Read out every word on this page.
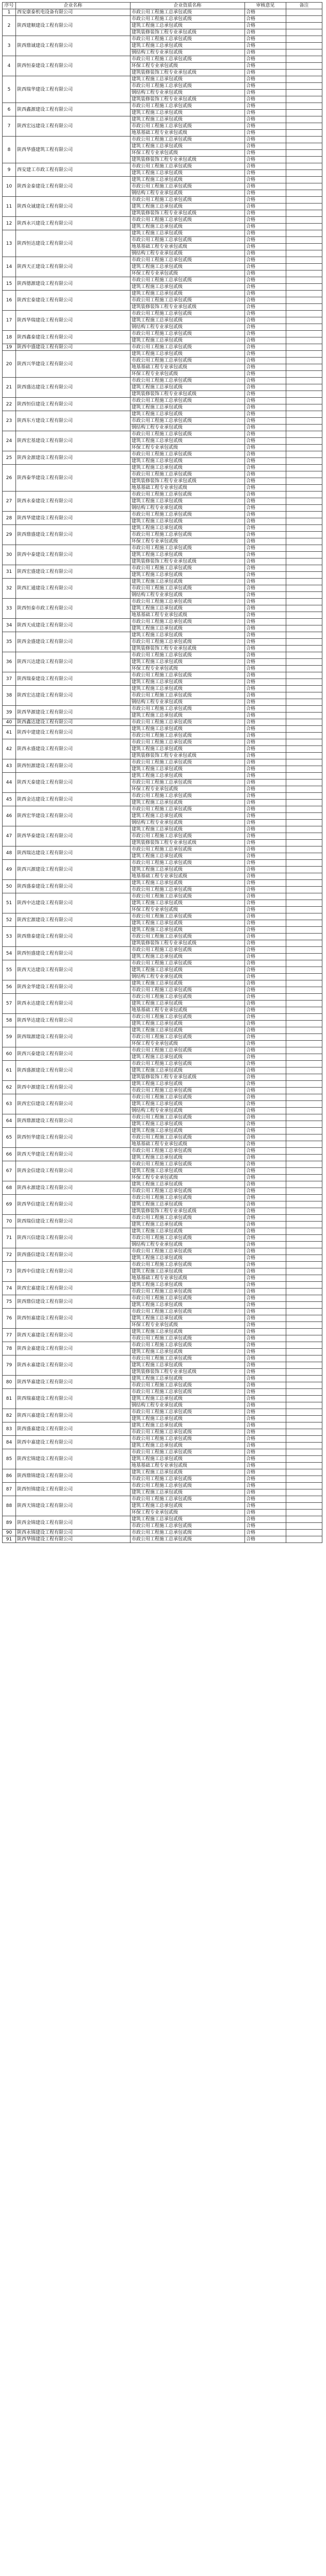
序号	企业名称	企业资质名称	审核意见	备注
1	西安康泰机电设备有限公司	市政公用工程施工总承包贰级	合格	
2	陕西建顺建设工程有限公司	市政公用工程施工总承包贰级	合格	
		建筑工程施工总承包贰级	合格	
		建筑装修装饰工程专业承包贰级	合格	
3	陕西鼎诚建设工程有限公司	市政公用工程施工总承包贰级	合格	
		建筑工程施工总承包贰级	合格	
		钢结构工程专业承包贰级	合格	
4	陕西恒泰建设工程有限公司	市政公用工程施工总承包贰级	合格	
		环保工程专业承包贰级	合格	
		建筑装修装饰工程专业承包贰级	合格	
5	陕西瑞华建设工程有限公司	建筑工程施工总承包贰级	合格	
		市政公用工程施工总承包贰级	合格	
		钢结构工程专业承包贰级	合格	
		建筑装修装饰工程专业承包贰级	合格	
6	陕西鑫源建设工程有限公司	市政公用工程施工总承包贰级	合格	
		建筑工程施工总承包贰级	合格	
7	陕西宏远建设工程有限公司	建筑工程施工总承包贰级	合格	
		市政公用工程施工总承包贰级	合格	
		地基基础工程专业承包贰级	合格	
8	陕西华盛建筑工程有限公司	市政公用工程施工总承包贰级	合格	
		建筑工程施工总承包贰级	合格	
		环保工程专业承包贰级	合格	
		建筑装修装饰工程专业承包贰级	合格	
9	西安建工市政工程有限公司	市政公用工程施工总承包贰级	合格	
		建筑工程施工总承包贰级	合格	
10	陕西金泰建设工程有限公司	建筑工程施工总承包贰级	合格	
		市政公用工程施工总承包贰级	合格	
		钢结构工程专业承包贰级	合格	
11	陕西众诚建设工程有限公司	市政公用工程施工总承包贰级	合格	
		建筑工程施工总承包贰级	合格	
		建筑装修装饰工程专业承包贰级	合格	
12	陕西永兴建设工程有限公司	市政公用工程施工总承包贰级	合格	
		建筑工程施工总承包贰级	合格	
13	陕西恒达建设工程有限公司	建筑工程施工总承包贰级	合格	
		市政公用工程施工总承包贰级	合格	
		地基基础工程专业承包贰级	合格	
		钢结构工程专业承包贰级	合格	
14	陕西天正建设工程有限公司	市政公用工程施工总承包贰级	合格	
		建筑工程施工总承包贰级	合格	
		环保工程专业承包贰级	合格	
15	陕西德源建设工程有限公司	市政公用工程施工总承包贰级	合格	
		建筑工程施工总承包贰级	合格	
16	陕西宏泰建设工程有限公司	建筑工程施工总承包贰级	合格	
		市政公用工程施工总承包贰级	合格	
		建筑装修装饰工程专业承包贰级	合格	
17	陕西华瑞建设工程有限公司	市政公用工程施工总承包贰级	合格	
		建筑工程施工总承包贰级	合格	
		钢结构工程专业承包贰级	合格	
18	陕西鑫泰建设工程有限公司	市政公用工程施工总承包贰级	合格	
		建筑工程施工总承包贰级	合格	
19	陕西中盛建设工程有限公司	市政公用工程施工总承包贰级	合格	
20	陕西兴华建设工程有限公司	建筑工程施工总承包贰级	合格	
		市政公用工程施工总承包贰级	合格	
		地基基础工程专业承包贰级	合格	
		环保工程专业承包贰级	合格	
21	陕西盛达建设工程有限公司	市政公用工程施工总承包贰级	合格	
		建筑工程施工总承包贰级	合格	
		建筑装修装饰工程专业承包贰级	合格	
22	陕西恒信建设工程有限公司	市政公用工程施工总承包贰级	合格	
		建筑工程施工总承包贰级	合格	
23	陕西东方建设工程有限公司	建筑工程施工总承包贰级	合格	
		市政公用工程施工总承包贰级	合格	
		钢结构工程专业承包贰级	合格	
24	陕西宏基建设工程有限公司	市政公用工程施工总承包贰级	合格	
		建筑工程施工总承包贰级	合格	
		环保工程专业承包贰级	合格	
25	陕西金源建设工程有限公司	市政公用工程施工总承包贰级	合格	
		建筑工程施工总承包贰级	合格	
26	陕西泰华建设工程有限公司	建筑工程施工总承包贰级	合格	
		市政公用工程施工总承包贰级	合格	
		建筑装修装饰工程专业承包贰级	合格	
		地基基础工程专业承包贰级	合格	
27	陕西永泰建设工程有限公司	市政公用工程施工总承包贰级	合格	
		建筑工程施工总承包贰级	合格	
		钢结构工程专业承包贰级	合格	
28	陕西华建建设工程有限公司	市政公用工程施工总承包贰级	合格	
		建筑工程施工总承包贰级	合格	
29	陕西鼎盛建设工程有限公司	建筑工程施工总承包贰级	合格	
		市政公用工程施工总承包贰级	合格	
		环保工程专业承包贰级	合格	
30	陕西中泰建设工程有限公司	市政公用工程施工总承包贰级	合格	
		建筑工程施工总承包贰级	合格	
		建筑装修装饰工程专业承包贰级	合格	
31	陕西宏盛建设工程有限公司	市政公用工程施工总承包贰级	合格	
		建筑工程施工总承包贰级	合格	
32	陕西汇通建设工程有限公司	建筑工程施工总承包贰级	合格	
		市政公用工程施工总承包贰级	合格	
		钢结构工程专业承包贰级	合格	
33	陕西恒泰市政工程有限公司	市政公用工程施工总承包贰级	合格	
		建筑工程施工总承包贰级	合格	
		地基基础工程专业承包贰级	合格	
34	陕西天成建设工程有限公司	市政公用工程施工总承包贰级	合格	
		建筑工程施工总承包贰级	合格	
35	陕西金盛建设工程有限公司	建筑工程施工总承包贰级	合格	
		市政公用工程施工总承包贰级	合格	
		建筑装修装饰工程专业承包贰级	合格	
36	陕西兴达建设工程有限公司	市政公用工程施工总承包贰级	合格	
		建筑工程施工总承包贰级	合格	
		环保工程专业承包贰级	合格	
37	陕西瑞泰建设工程有限公司	市政公用工程施工总承包贰级	合格	
		建筑工程施工总承包贰级	合格	
38	陕西宏达建设工程有限公司	建筑工程施工总承包贰级	合格	
		市政公用工程施工总承包贰级	合格	
		钢结构工程专业承包贰级	合格	
39	陕西华源建设工程有限公司	市政公用工程施工总承包贰级	合格	
		建筑工程施工总承包贰级	合格	
40	陕西鑫达建设工程有限公司	市政公用工程施工总承包贰级	合格	
41	陕西中建建设工程有限公司	建筑工程施工总承包贰级	合格	
		市政公用工程施工总承包贰级	合格	
42	陕西永盛建设工程有限公司	市政公用工程施工总承包贰级	合格	
		建筑工程施工总承包贰级	合格	
		建筑装修装饰工程专业承包贰级	合格	
43	陕西恒源建设工程有限公司	市政公用工程施工总承包贰级	合格	
		建筑工程施工总承包贰级	合格	
44	陕西天泰建设工程有限公司	建筑工程施工总承包贰级	合格	
		市政公用工程施工总承包贰级	合格	
		环保工程专业承包贰级	合格	
45	陕西金达建设工程有限公司	市政公用工程施工总承包贰级	合格	
		建筑工程施工总承包贰级	合格	
46	陕西宏华建设工程有限公司	市政公用工程施工总承包贰级	合格	
		建筑工程施工总承包贰级	合格	
		钢结构工程专业承包贰级	合格	
47	陕西华泰建设工程有限公司	建筑工程施工总承包贰级	合格	
		市政公用工程施工总承包贰级	合格	
		建筑装修装饰工程专业承包贰级	合格	
48	陕西瑞达建设工程有限公司	市政公用工程施工总承包贰级	合格	
		建筑工程施工总承包贰级	合格	
49	陕西兴源建设工程有限公司	市政公用工程施工总承包贰级	合格	
		建筑工程施工总承包贰级	合格	
		地基基础工程专业承包贰级	合格	
50	陕西盛泰建设工程有限公司	建筑工程施工总承包贰级	合格	
		市政公用工程施工总承包贰级	合格	
51	陕西中达建设工程有限公司	市政公用工程施工总承包贰级	合格	
		建筑工程施工总承包贰级	合格	
		环保工程专业承包贰级	合格	
52	陕西宏源建设工程有限公司	市政公用工程施工总承包贰级	合格	
		建筑工程施工总承包贰级	合格	
53	陕西鼎泰建设工程有限公司	建筑工程施工总承包贰级	合格	
		市政公用工程施工总承包贰级	合格	
		建筑装修装饰工程专业承包贰级	合格	
54	陕西恒盛建设工程有限公司	市政公用工程施工总承包贰级	合格	
		建筑工程施工总承包贰级	合格	
55	陕西天达建设工程有限公司	市政公用工程施工总承包贰级	合格	
		建筑工程施工总承包贰级	合格	
		钢结构工程专业承包贰级	合格	
56	陕西金华建设工程有限公司	建筑工程施工总承包贰级	合格	
		市政公用工程施工总承包贰级	合格	
57	陕西永达建设工程有限公司	市政公用工程施工总承包贰级	合格	
		建筑工程施工总承包贰级	合格	
		地基基础工程专业承包贰级	合格	
58	陕西华达建设工程有限公司	市政公用工程施工总承包贰级	合格	
		建筑工程施工总承包贰级	合格	
59	陕西瑞源建设工程有限公司	建筑工程施工总承包贰级	合格	
		市政公用工程施工总承包贰级	合格	
		环保工程专业承包贰级	合格	
60	陕西兴泰建设工程有限公司	市政公用工程施工总承包贰级	合格	
		建筑工程施工总承包贰级	合格	
61	陕西盛源建设工程有限公司	市政公用工程施工总承包贰级	合格	
		建筑工程施工总承包贰级	合格	
		建筑装修装饰工程专业承包贰级	合格	
62	陕西中源建设工程有限公司	建筑工程施工总承包贰级	合格	
		市政公用工程施工总承包贰级	合格	
63	陕西宏信建设工程有限公司	市政公用工程施工总承包贰级	合格	
		建筑工程施工总承包贰级	合格	
		钢结构工程专业承包贰级	合格	
64	陕西鼎源建设工程有限公司	市政公用工程施工总承包贰级	合格	
		建筑工程施工总承包贰级	合格	
65	陕西恒华建设工程有限公司	建筑工程施工总承包贰级	合格	
		市政公用工程施工总承包贰级	合格	
		地基基础工程专业承包贰级	合格	
66	陕西天华建设工程有限公司	市政公用工程施工总承包贰级	合格	
		建筑工程施工总承包贰级	合格	
67	陕西金信建设工程有限公司	市政公用工程施工总承包贰级	合格	
		建筑工程施工总承包贰级	合格	
		环保工程专业承包贰级	合格	
68	陕西永源建设工程有限公司	建筑工程施工总承包贰级	合格	
		市政公用工程施工总承包贰级	合格	
69	陕西华信建设工程有限公司	市政公用工程施工总承包贰级	合格	
		建筑工程施工总承包贰级	合格	
		建筑装修装饰工程专业承包贰级	合格	
70	陕西瑞信建设工程有限公司	市政公用工程施工总承包贰级	合格	
		建筑工程施工总承包贰级	合格	
71	陕西兴信建设工程有限公司	建筑工程施工总承包贰级	合格	
		市政公用工程施工总承包贰级	合格	
		钢结构工程专业承包贰级	合格	
72	陕西盛信建设工程有限公司	市政公用工程施工总承包贰级	合格	
		建筑工程施工总承包贰级	合格	
73	陕西中信建设工程有限公司	市政公用工程施工总承包贰级	合格	
		建筑工程施工总承包贰级	合格	
		地基基础工程专业承包贰级	合格	
74	陕西宏嘉建设工程有限公司	建筑工程施工总承包贰级	合格	
		市政公用工程施工总承包贰级	合格	
75	陕西鼎信建设工程有限公司	市政公用工程施工总承包贰级	合格	
		建筑工程施工总承包贰级	合格	
76	陕西恒嘉建设工程有限公司	市政公用工程施工总承包贰级	合格	
		建筑工程施工总承包贰级	合格	
		环保工程专业承包贰级	合格	
77	陕西天嘉建设工程有限公司	建筑工程施工总承包贰级	合格	
		市政公用工程施工总承包贰级	合格	
78	陕西金嘉建设工程有限公司	市政公用工程施工总承包贰级	合格	
		建筑工程施工总承包贰级	合格	
79	陕西永嘉建设工程有限公司	市政公用工程施工总承包贰级	合格	
		建筑工程施工总承包贰级	合格	
		建筑装修装饰工程专业承包贰级	合格	
80	陕西华嘉建设工程有限公司	建筑工程施工总承包贰级	合格	
		市政公用工程施工总承包贰级	合格	
81	陕西瑞嘉建设工程有限公司	市政公用工程施工总承包贰级	合格	
		建筑工程施工总承包贰级	合格	
		钢结构工程专业承包贰级	合格	
82	陕西兴嘉建设工程有限公司	市政公用工程施工总承包贰级	合格	
		建筑工程施工总承包贰级	合格	
83	陕西盛嘉建设工程有限公司	建筑工程施工总承包贰级	合格	
		市政公用工程施工总承包贰级	合格	
84	陕西中嘉建设工程有限公司	市政公用工程施工总承包贰级	合格	
		建筑工程施工总承包贰级	合格	
85	陕西宏锦建设工程有限公司	市政公用工程施工总承包贰级	合格	
		建筑工程施工总承包贰级	合格	
		地基基础工程专业承包贰级	合格	
86	陕西鼎锦建设工程有限公司	建筑工程施工总承包贰级	合格	
		市政公用工程施工总承包贰级	合格	
87	陕西恒锦建设工程有限公司	市政公用工程施工总承包贰级	合格	
		建筑工程施工总承包贰级	合格	
88	陕西天锦建设工程有限公司	市政公用工程施工总承包贰级	合格	
		建筑工程施工总承包贰级	合格	
		环保工程专业承包贰级	合格	
89	陕西金锦建设工程有限公司	建筑工程施工总承包贰级	合格	
		市政公用工程施工总承包贰级	合格	
90	陕西永锦建设工程有限公司	市政公用工程施工总承包贰级	合格	
91	陕西华锦建设工程有限公司	市政公用工程施工总承包贰级	合格	
